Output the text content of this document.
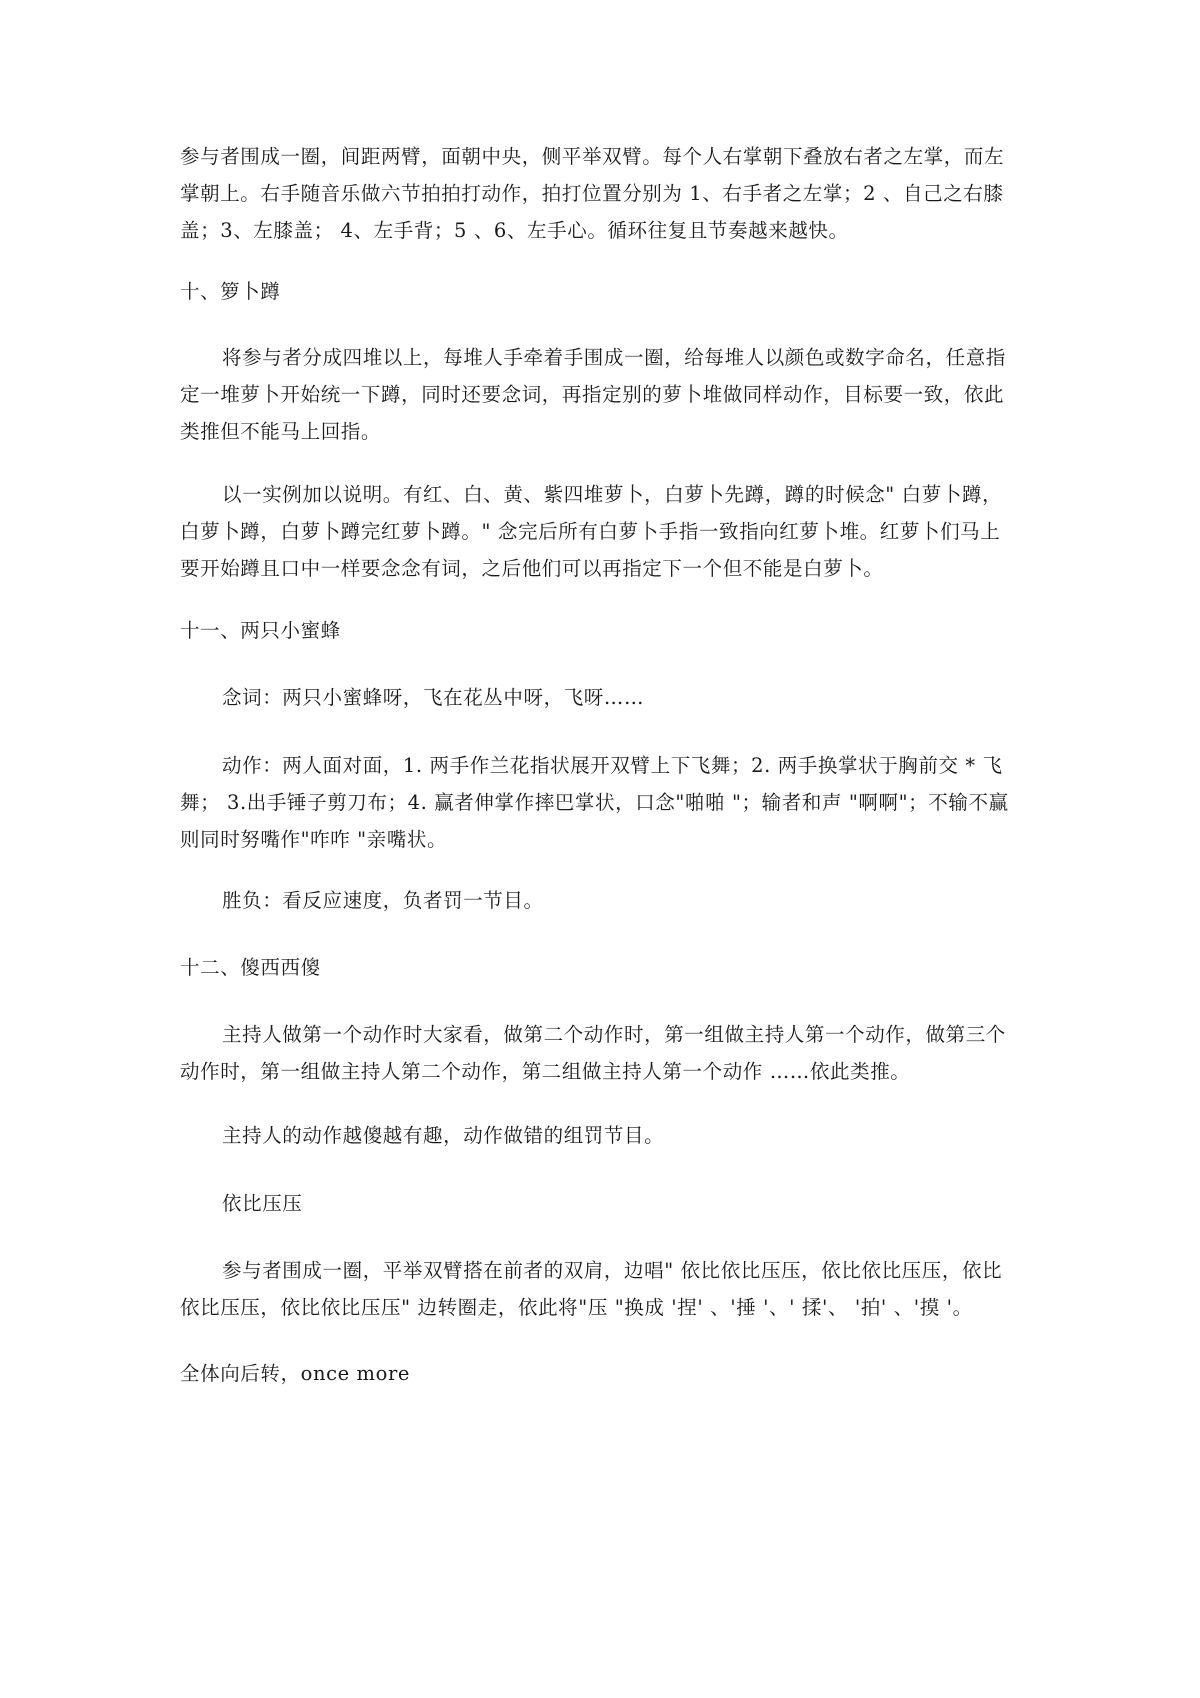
参与者围成一圈，间距两臂，面朝中央，侧平举双臂。每个人右掌朝下叠放右者之左掌，而左掌朝上。右手随音乐做六节拍拍打动作，拍打位置分别为 1、右手者之左掌；2 、自己之右膝盖；3、左膝盖； 4、左手背；5 、6、左手心。循环往复且节奏越来越快。

十、箩卜蹲

将参与者分成四堆以上，每堆人手牵着手围成一圈，给每堆人以颜色或数字命名，任意指定一堆萝卜开始统一下蹲，同时还要念词，再指定别的萝卜堆做同样动作，目标要一致，依此类推但不能马上回指。

以一实例加以说明。有红、白、黄、紫四堆萝卜，白萝卜先蹲，蹲的时候念" 白萝卜蹲，白萝卜蹲，白萝卜蹲完红萝卜蹲。" 念完后所有白萝卜手指一致指向红萝卜堆。红萝卜们马上要开始蹲且口中一样要念念有词，之后他们可以再指定下一个但不能是白萝卜。

十一、两只小蜜蜂

念词：两只小蜜蜂呀，飞在花丛中呀，飞呀……

动作：两人面对面，1. 两手作兰花指状展开双臂上下飞舞；2. 两手换掌状于胸前交 * 飞舞； 3.出手锤子剪刀布；4. 赢者伸掌作摔巴掌状，口念"啪啪 "；输者和声 "啊啊"；不输不赢则同时努嘴作"咋咋 "亲嘴状。

胜负：看反应速度，负者罚一节目。

十二、傻西西傻

主持人做第一个动作时大家看，做第二个动作时，第一组做主持人第一个动作，做第三个动作时，第一组做主持人第二个动作，第二组做主持人第一个动作 ……依此类推。

主持人的动作越傻越有趣，动作做错的组罚节目。

依比压压

参与者围成一圈，平举双臂搭在前者的双肩，边唱" 依比依比压压，依比依比压压，依比依比压压，依比依比压压" 边转圈走，依此将"压 "换成 '捏' 、'捶 '、' 揉'、 '拍' 、'摸 '。

全体向后转，once more
